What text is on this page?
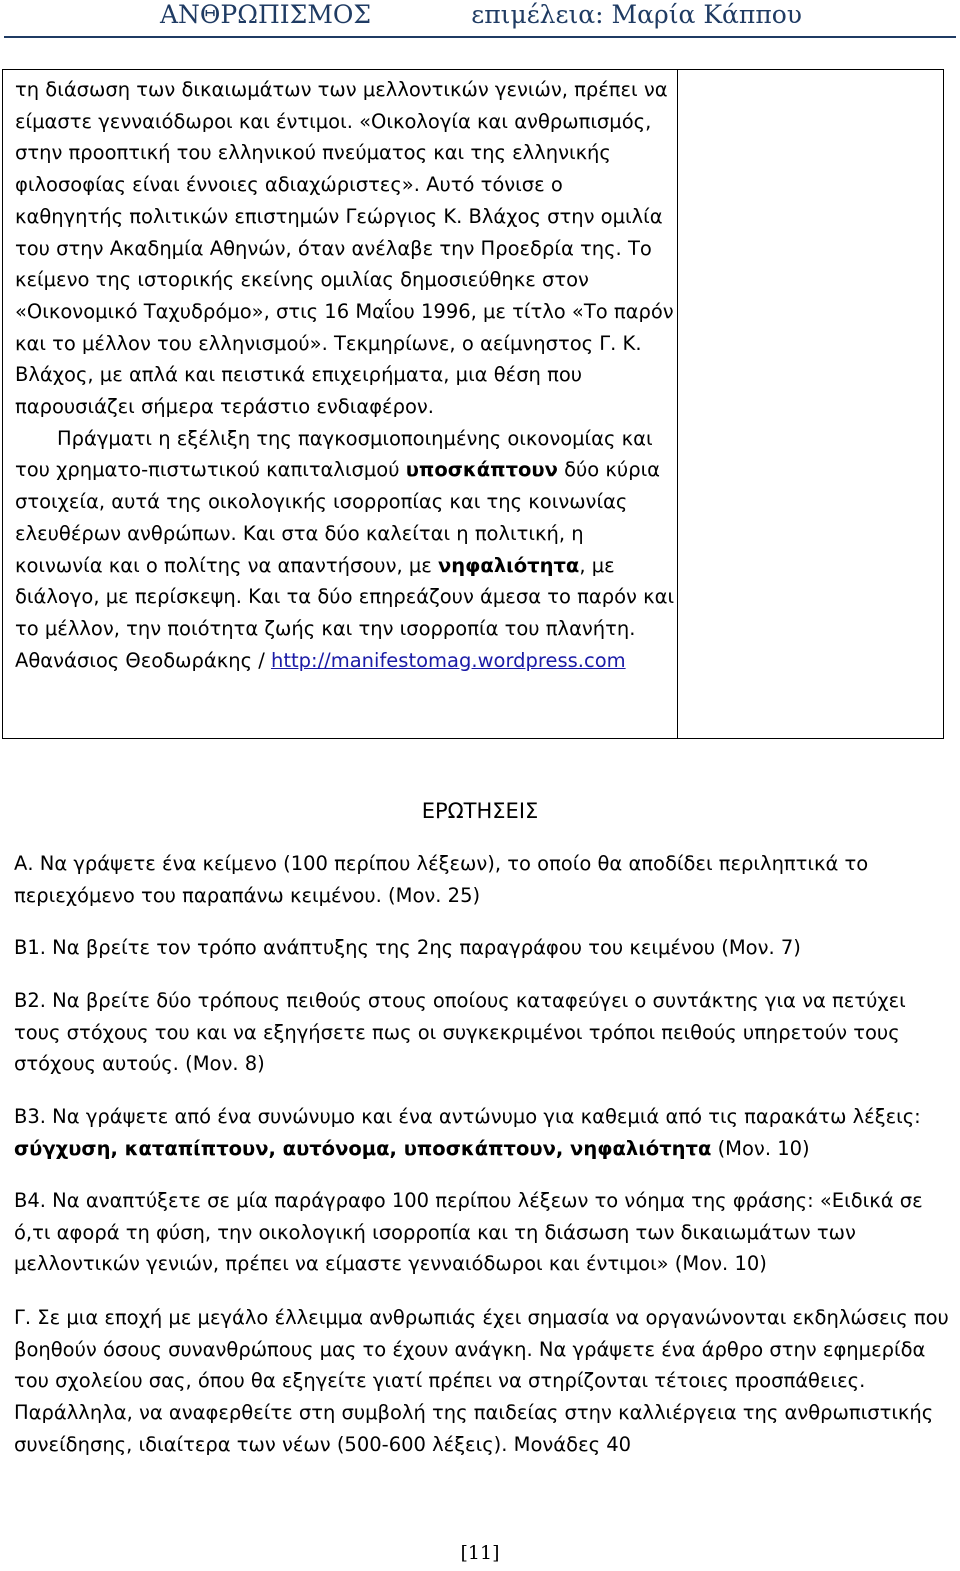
ΑΝΘΡΩΠΙΣΜΟΣ	επιμέλεια: Μαρία Κάππου
τη διάσωση των δικαιωμάτων των μελλοντικών γενιών, πρέπει να είμαστε γενναιόδωροι και έντιμοι. «Οικολογία και ανθρωπισμός, στην προοπτική του ελληνικού πνεύματος και της ελληνικής φιλοσοφίας είναι έννοιες αδιαχώριστες». Αυτό τόνισε ο καθηγητής πολιτικών επιστημών Γεώργιος Κ. Βλάχος στην ομιλία του στην Ακαδημία Αθηνών, όταν ανέλαβε την Προεδρία της. Το κείμενο της ιστορικής εκείνης ομιλίας δημοσιεύθηκε στον «Οικονομικό Ταχυδρόμο», στις 16 Μαΐου 1996, με τίτλο «Το παρόν και το μέλλον του ελληνισμού». Τεκμηρίωνε, ο αείμνηστος Γ. Κ. Βλάχος, με απλά και πειστικά επιχειρήματα, μια θέση που παρουσιάζει σήμερα τεράστιο ενδιαφέρον.
Πράγματι η εξέλιξη της παγκοσμιοποιημένης οικονομίας και του χρηματο-πιστωτικού καπιταλισμού υποσκάπτουν δύο κύρια στοιχεία, αυτά της οικολογικής ισορροπίας και της κοινωνίας ελευθέρων ανθρώπων. Και στα δύο καλείται η πολιτική, η κοινωνία και ο πολίτης να απαντήσουν, με νηφαλιότητα, με διάλογο, με περίσκεψη. Και τα δύο επηρεάζουν άμεσα το παρόν και το μέλλον, την ποιότητα ζωής και την ισορροπία του πλανήτη. Αθανάσιος Θεοδωράκης / http://manifestomag.wordpress.com
ΕΡΩΤΗΣΕΙΣ
Α. Να γράψετε ένα κείμενο (100 περίπου λέξεων), το οποίο θα αποδίδει περιληπτικά το περιεχόμενο του παραπάνω κειμένου. (Μον. 25)
Β1. Να βρείτε τον τρόπο ανάπτυξης της 2ης παραγράφου του κειμένου (Μον. 7)
Β2. Να βρείτε δύο τρόπους πειθούς στους οποίους καταφεύγει ο συντάκτης για να πετύχει τους στόχους του και να εξηγήσετε πως οι συγκεκριμένοι τρόποι πειθούς υπηρετούν τους στόχους αυτούς. (Μον. 8)
Β3. Να γράψετε από ένα συνώνυμο και ένα αντώνυμο για καθεμιά από τις παρακάτω λέξεις: σύγχυση, καταπίπτουν, αυτόνομα, υποσκάπτουν, νηφαλιότητα (Μον. 10)
Β4. Να αναπτύξετε σε μία παράγραφο 100 περίπου λέξεων το νόημα της φράσης: «Ειδικά σε ό,τι αφορά τη φύση, την οικολογική ισορροπία και τη διάσωση των δικαιωμάτων των μελλοντικών γενιών, πρέπει να είμαστε γενναιόδωροι και έντιμοι» (Μον. 10)
Γ. Σε μια εποχή με μεγάλο έλλειμμα ανθρωπιάς έχει σημασία να οργανώνονται εκδηλώσεις που βοηθούν όσους συνανθρώπους μας το έχουν ανάγκη. Να γράψετε ένα άρθρο στην εφημερίδα του σχολείου σας, όπου θα εξηγείτε γιατί πρέπει να στηρίζονται τέτοιες προσπάθειες. Παράλληλα, να αναφερθείτε στη συμβολή της παιδείας στην καλλιέργεια της ανθρωπιστικής συνείδησης, ιδιαίτερα των νέων (500-600 λέξεις). Μονάδες 40
[11]
